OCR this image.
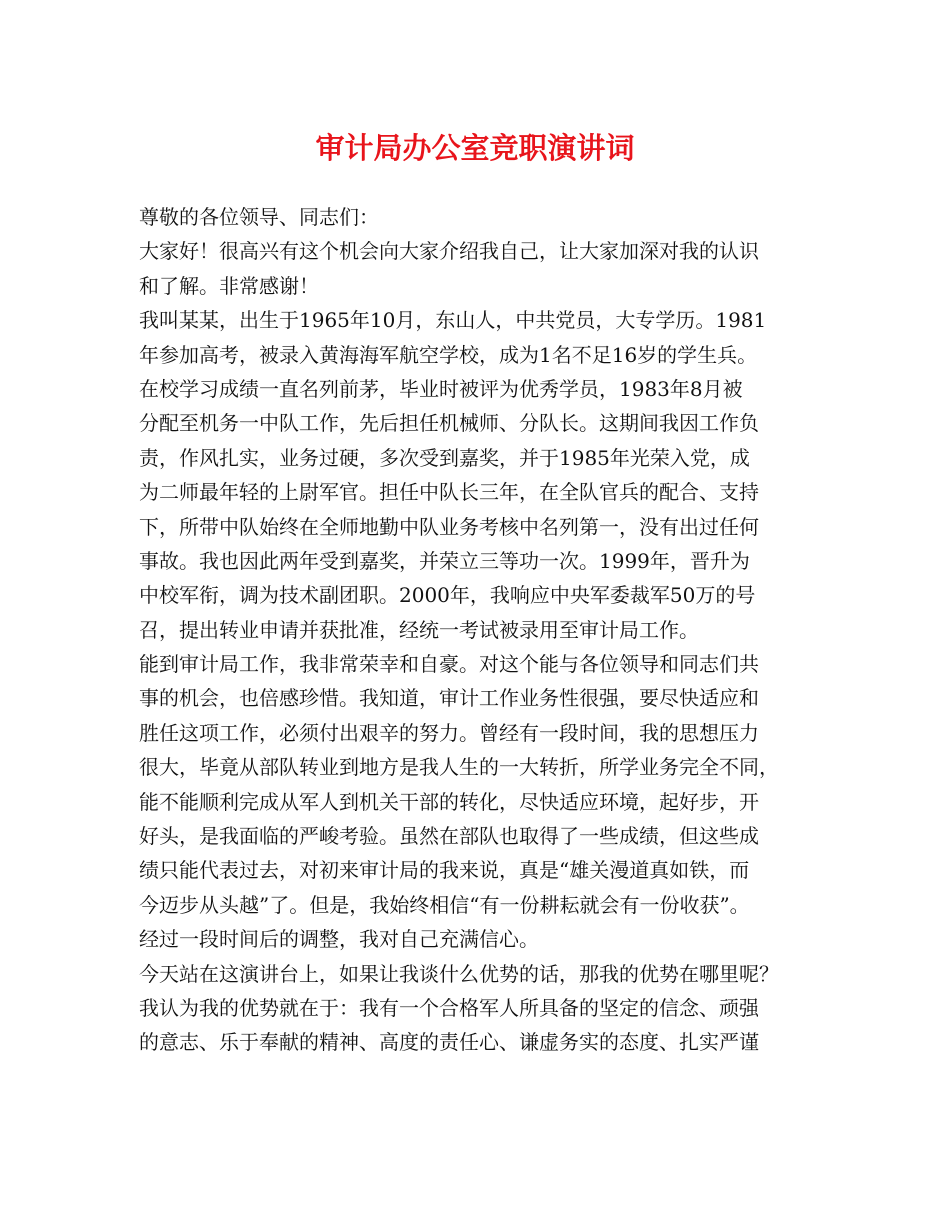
审计局办公室竞职演讲词
尊敬的各位领导、同志们：
大家好！很高兴有这个机会向大家介绍我自己，让大家加深对我的认识
和了解。非常感谢！
我叫某某，出生于1965年10月，东山人，中共党员，大专学历。1981
年参加高考，被录入黄海海军航空学校，成为1名不足16岁的学生兵。
在校学习成绩一直名列前茅，毕业时被评为优秀学员，1983年8月被
分配至机务一中队工作，先后担任机械师、分队长。这期间我因工作负
责，作风扎实，业务过硬，多次受到嘉奖，并于1985年光荣入党，成
为二师最年轻的上尉军官。担任中队长三年，在全队官兵的配合、支持
下，所带中队始终在全师地勤中队业务考核中名列第一，没有出过任何
事故。我也因此两年受到嘉奖，并荣立三等功一次。1999年，晋升为
中校军衔，调为技术副团职。2000年，我响应中央军委裁军50万的号
召，提出转业申请并获批准，经统一考试被录用至审计局工作。
能到审计局工作，我非常荣幸和自豪。对这个能与各位领导和同志们共
事的机会，也倍感珍惜。我知道，审计工作业务性很强，要尽快适应和
胜任这项工作，必须付出艰辛的努力。曾经有一段时间，我的思想压力
很大，毕竟从部队转业到地方是我人生的一大转折，所学业务完全不同，
能不能顺利完成从军人到机关干部的转化，尽快适应环境，起好步，开
好头，是我面临的严峻考验。虽然在部队也取得了一些成绩，但这些成
绩只能代表过去，对初来审计局的我来说，真是“雄关漫道真如铁，而
今迈步从头越”了。但是，我始终相信“有一份耕耘就会有一份收获”。
经过一段时间后的调整，我对自己充满信心。
今天站在这演讲台上，如果让我谈什么优势的话，那我的优势在哪里呢？
我认为我的优势就在于：我有一个合格军人所具备的坚定的信念、顽强
的意志、乐于奉献的精神、高度的责任心、谦虚务实的态度、扎实严谨
